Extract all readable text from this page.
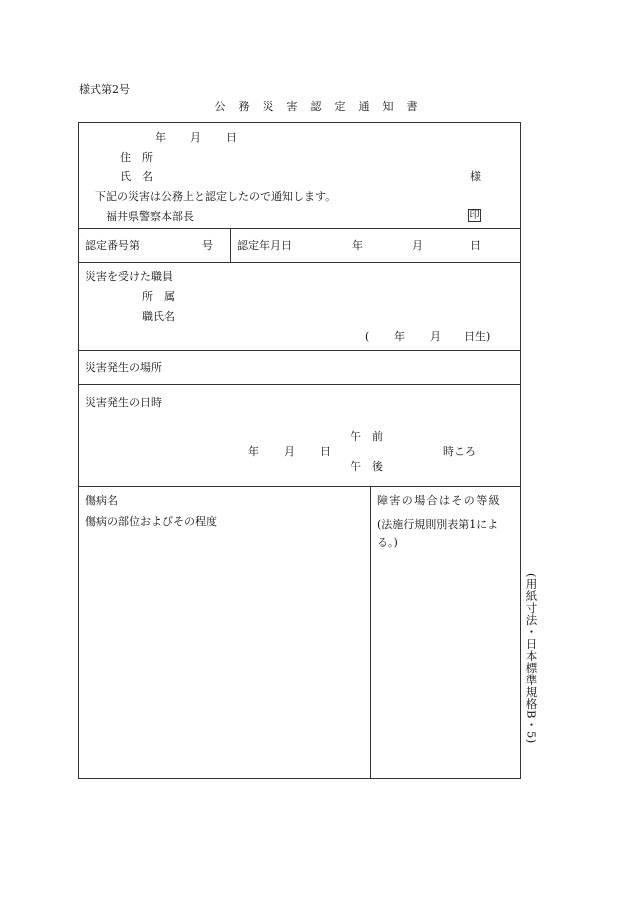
様式第2号
公 務 災 害 認 定 通 知 書
年 月 日
住　所
氏　名	様
下記の災害は公務上と認定したので通知します。
福井県警察本部長	印
認定番号第	号 認定年月日	年	月	日
災害を受けた職員
所　属
職氏名
( 年 月 日生)
災害発生の場所
災害発生の日時
午　前
年 月 日	時ころ
午　後
傷病名
傷病の部位およびその程度
障害の場合はその等級
(法施行規則別表第1による。)
(用紙寸法・日本標準規格B・5)
